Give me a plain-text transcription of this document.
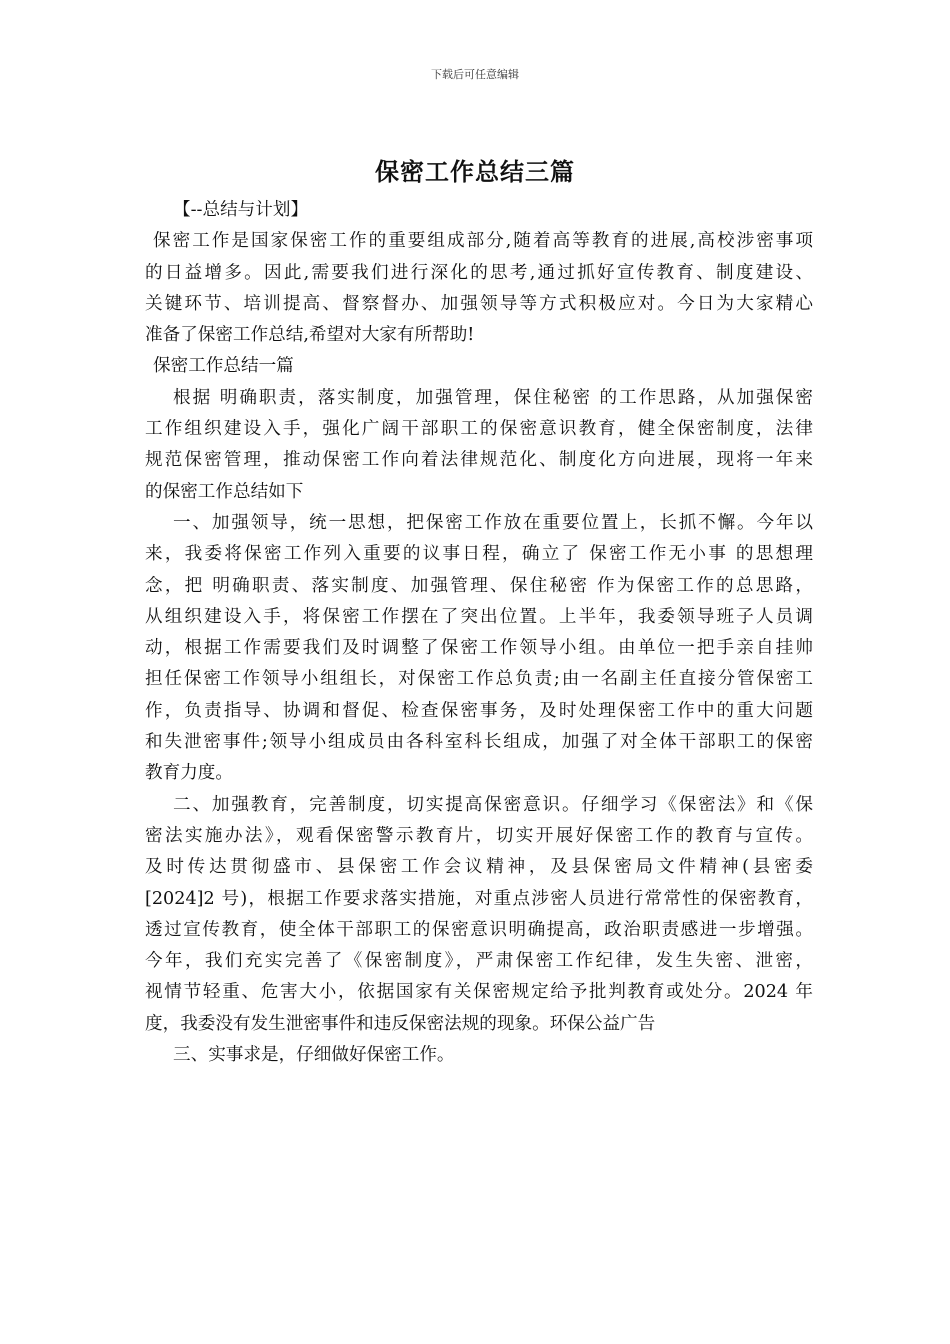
下载后可任意编辑
保密工作总结三篇
【--总结与计划】
保密工作是国家保密工作的重要组成部分,随着高等教育的进展,高校涉密事项
的日益增多。因此,需要我们进行深化的思考,通过抓好宣传教育、制度建设、
关键环节、培训提高、督察督办、加强领导等方式积极应对。今日为大家精心
准备了保密工作总结,希望对大家有所帮助!
保密工作总结一篇
根据 明确职责，落实制度，加强管理，保住秘密 的工作思路，从加强保密
工作组织建设入手，强化广阔干部职工的保密意识教育，健全保密制度，法律
规范保密管理，推动保密工作向着法律规范化、制度化方向进展，现将一年来
的保密工作总结如下
一、加强领导，统一思想，把保密工作放在重要位置上，长抓不懈。今年以
来，我委将保密工作列入重要的议事日程，确立了 保密工作无小事 的思想理
念，把 明确职责、落实制度、加强管理、保住秘密 作为保密工作的总思路，
从组织建设入手，将保密工作摆在了突出位置。上半年，我委领导班子人员调
动，根据工作需要我们及时调整了保密工作领导小组。由单位一把手亲自挂帅
担任保密工作领导小组组长，对保密工作总负责;由一名副主任直接分管保密工
作，负责指导、协调和督促、检查保密事务，及时处理保密工作中的重大问题
和失泄密事件;领导小组成员由各科室科长组成，加强了对全体干部职工的保密
教育力度。
二、加强教育，完善制度，切实提高保密意识。仔细学习《保密法》和《保
密法实施办法》，观看保密警示教育片，切实开展好保密工作的教育与宣传。
及时传达贯彻盛市、县保密工作会议精神，及县保密局文件精神(县密委
[2024]2 号)，根据工作要求落实措施，对重点涉密人员进行常常性的保密教育，
透过宣传教育，使全体干部职工的保密意识明确提高，政治职责感进一步增强。
今年，我们充实完善了《保密制度》，严肃保密工作纪律，发生失密、泄密，
视情节轻重、危害大小，依据国家有关保密规定给予批判教育或处分。2024 年
度，我委没有发生泄密事件和违反保密法规的现象。环保公益广告
三、实事求是，仔细做好保密工作。
